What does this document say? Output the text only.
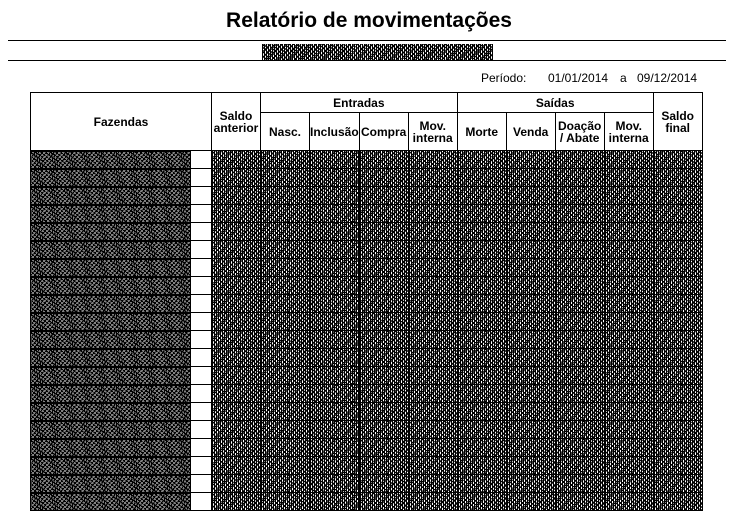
Relatório de movimentações
Período: 01/01/2014 a 09/12/2014
Fazendas		Saldo anterior	Entradas				Saídas				Saldo final
			Nasc.	Inclusão	Compra	Mov. interna	Morte	Venda	Doação / Abate	Mov. interna	
